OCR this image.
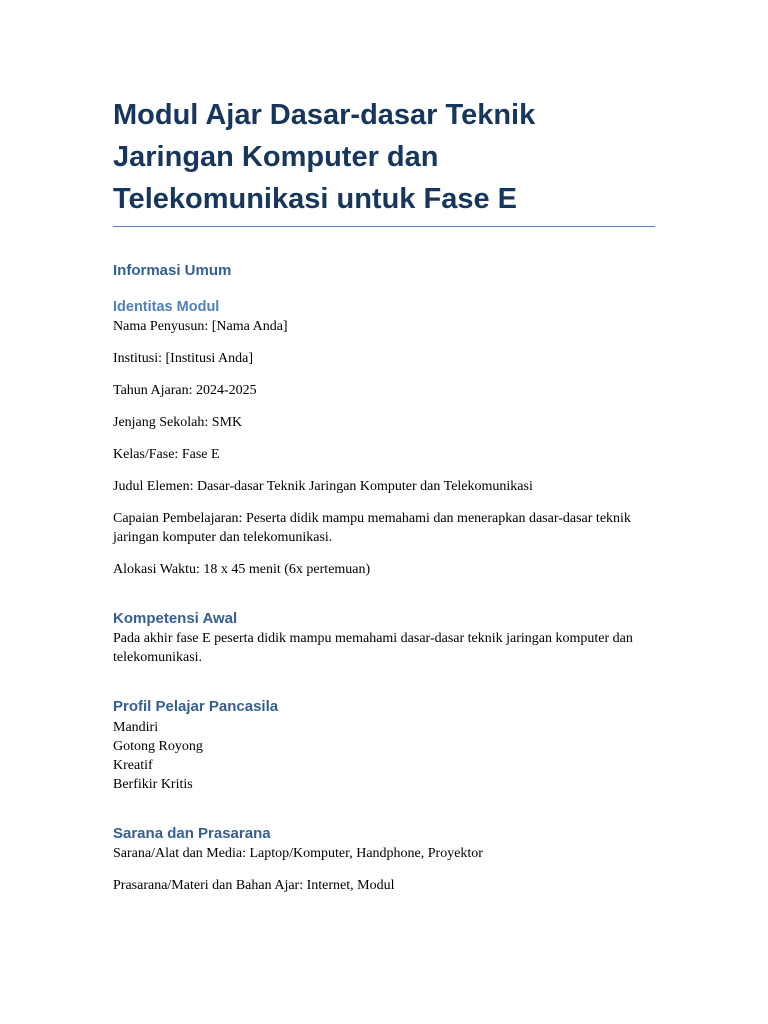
Modul Ajar Dasar-dasar Teknik Jaringan Komputer dan Telekomunikasi untuk Fase E
Informasi Umum
Identitas Modul

Nama Penyusun: [Nama Anda]

Institusi: [Institusi Anda]

Tahun Ajaran: 2024-2025

Jenjang Sekolah: SMK

Kelas/Fase: Fase E

Judul Elemen: Dasar-dasar Teknik Jaringan Komputer dan Telekomunikasi

Capaian Pembelajaran: Peserta didik mampu memahami dan menerapkan dasar-dasar teknik jaringan komputer dan telekomunikasi.

Alokasi Waktu: 18 x 45 menit (6x pertemuan)

Kompetensi Awal

Pada akhir fase E peserta didik mampu memahami dasar-dasar teknik jaringan komputer dan telekomunikasi.

Profil Pelajar Pancasila
Mandiri
Gotong Royong
Kreatif
Berfikir Kritis
Sarana dan Prasarana

Sarana/Alat dan Media: Laptop/Komputer, Handphone, Proyektor

Prasarana/Materi dan Bahan Ajar: Internet, Modul
